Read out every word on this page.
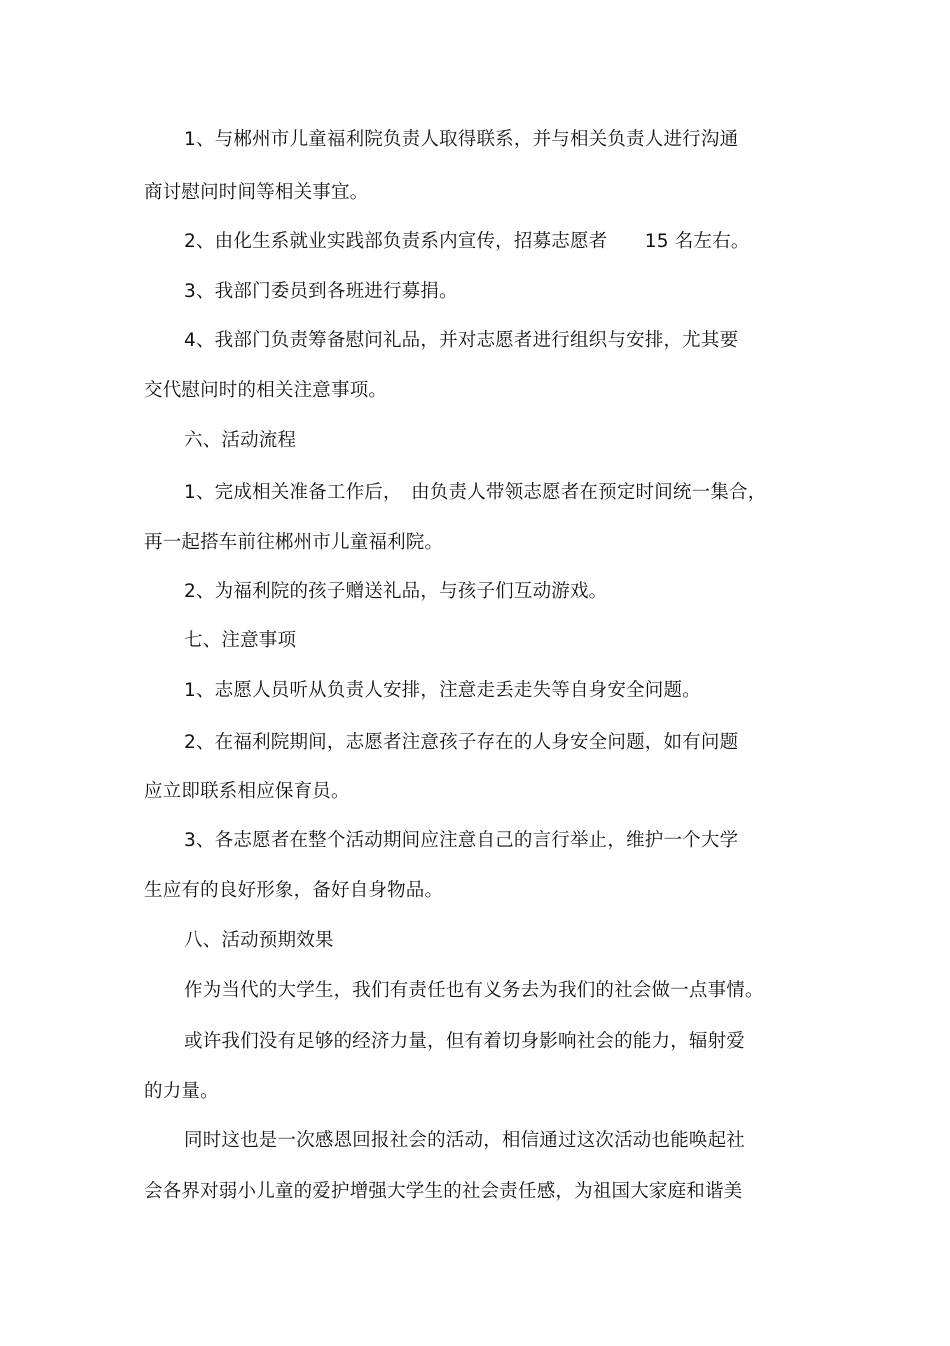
1、与郴州市儿童福利院负责人取得联系，并与相关负责人进行沟通
商讨慰问时间等相关事宜。
2、由化生系就业实践部负责系内宣传，招募志愿者　　15 名左右。
3、我部门委员到各班进行募捐。
4、我部门负责筹备慰问礼品，并对志愿者进行组织与安排，尤其要
交代慰问时的相关注意事项。
六、活动流程
1、完成相关准备工作后，　由负责人带领志愿者在预定时间统一集合，
再一起搭车前往郴州市儿童福利院。
2、为福利院的孩子赠送礼品，与孩子们互动游戏。
七、注意事项
1、志愿人员听从负责人安排，注意走丢走失等自身安全问题。
2、在福利院期间，志愿者注意孩子存在的人身安全问题，如有问题
应立即联系相应保育员。
3、各志愿者在整个活动期间应注意自己的言行举止，维护一个大学
生应有的良好形象，备好自身物品。
八、活动预期效果
作为当代的大学生，我们有责任也有义务去为我们的社会做一点事情。
或许我们没有足够的经济力量，但有着切身影响社会的能力，辐射爱
的力量。
同时这也是一次感恩回报社会的活动，相信通过这次活动也能唤起社
会各界对弱小儿童的爱护增强大学生的社会责任感，为祖国大家庭和谐美
